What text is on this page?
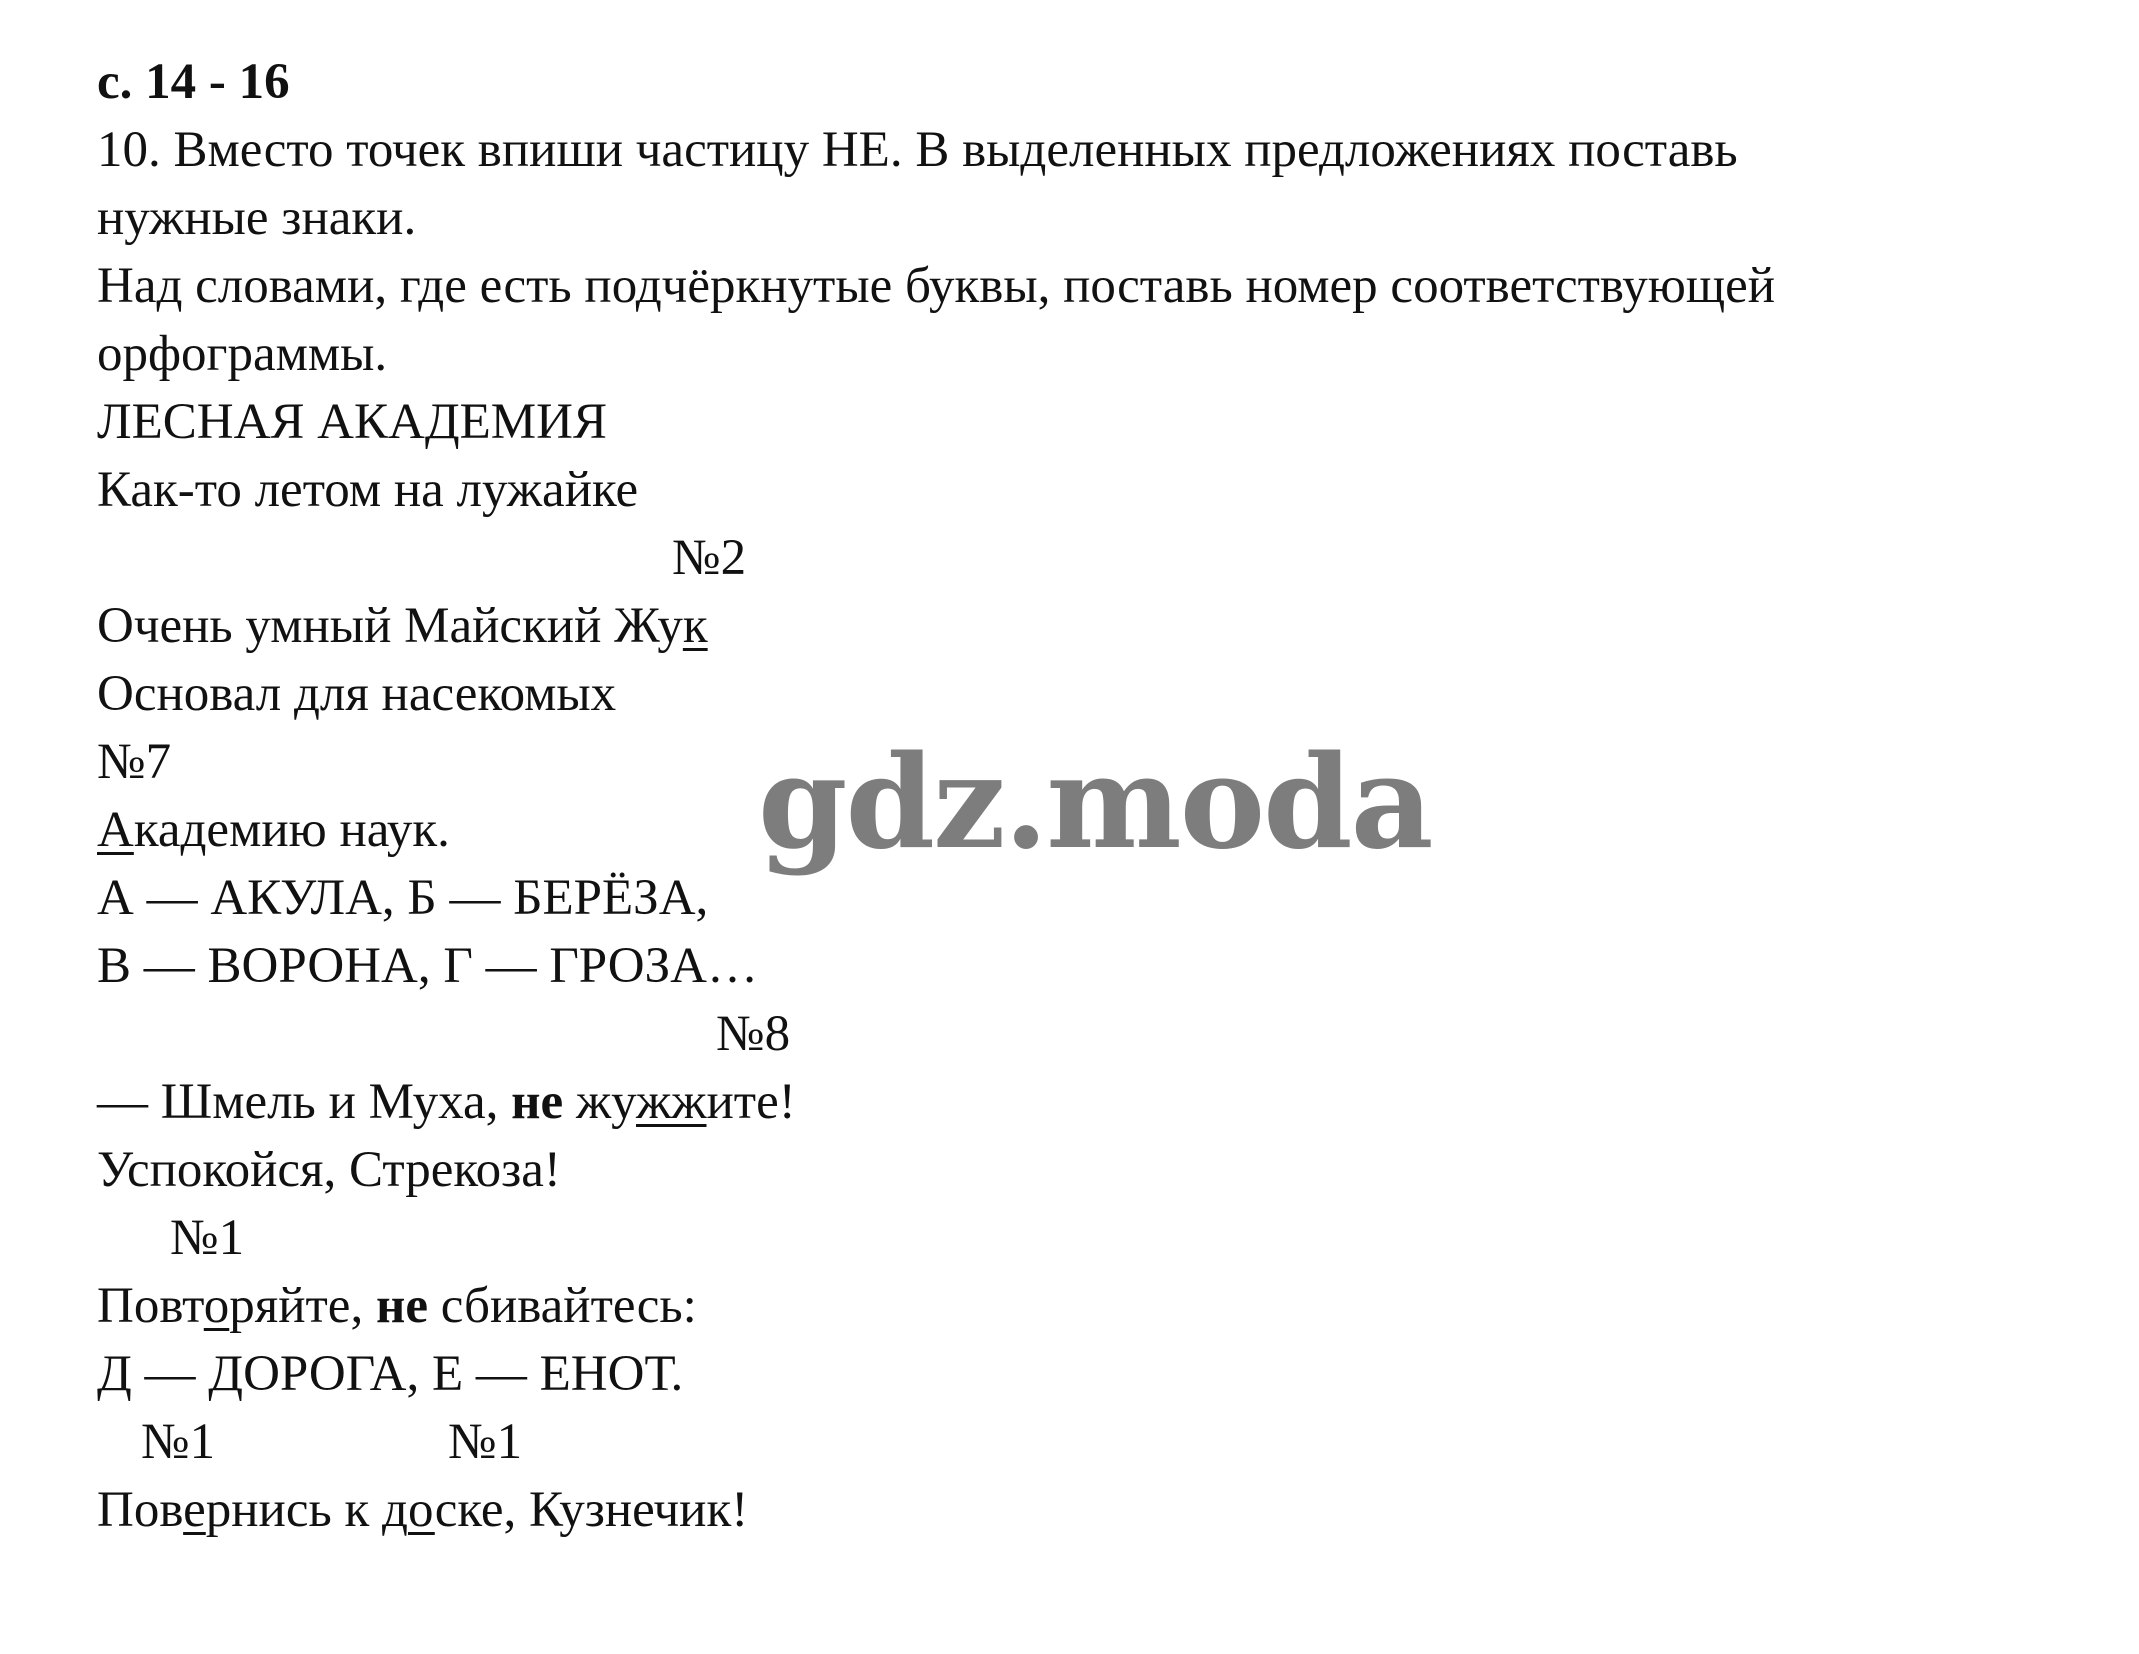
с. 14 - 16
10. Вместо точек впиши частицу НЕ. В выделенных предложениях поставь
нужные знаки.
Над словами, где есть подчёркнутые буквы, поставь номер соответствующей
орфограммы.
ЛЕСНАЯ АКАДЕМИЯ
Как-то летом на лужайке
№2
Очень умный Майский Жук
Основал для насекомых
№7
Академию наук.
А — АКУЛА, Б — БЕРЁЗА,
В — ВОРОНА, Г — ГРОЗА…
№8
— Шмель и Муха, не жужжите!
Успокойся, Стрекоза!
№1
Повторяйте, не сбивайтесь:
Д — ДОРОГА, Е — ЕНОТ.
№1	№1
Повернись к доске, Кузнечик!
gdz.moda
